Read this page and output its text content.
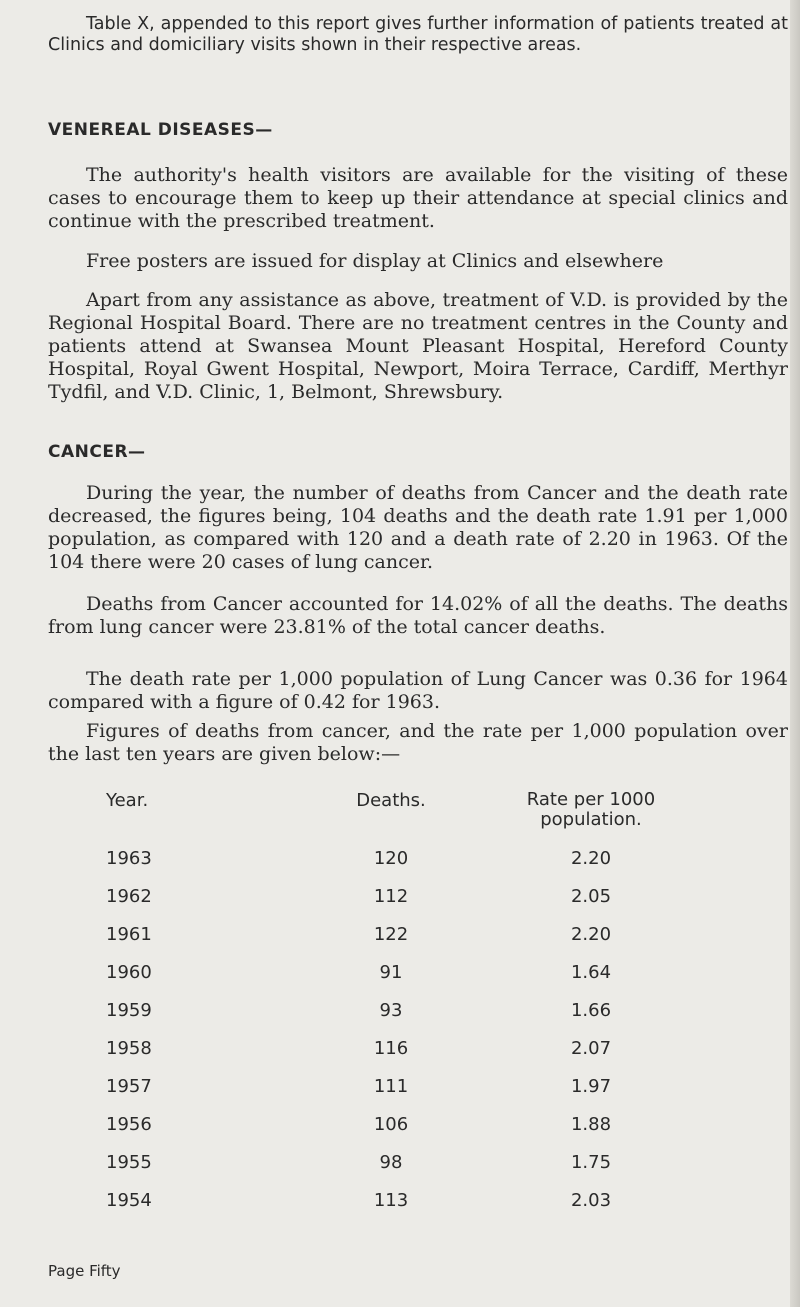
Table X, appended to this report gives further information of patients treated at Clinics and domiciliary visits shown in their respective areas.

VENEREAL DISEASES—

The authority's health visitors are available for the visiting of these cases to encourage them to keep up their attendance at special clinics and continue with the prescribed treatment.

Free posters are issued for display at Clinics and elsewhere

Apart from any assistance as above, treatment of V.D. is provided by the Regional Hospital Board. There are no treatment centres in the County and patients attend at Swansea Mount Pleasant Hospital, Hereford County Hospital, Royal Gwent Hospital, Newport, Moira Terrace, Cardiff, Merthyr Tydfil, and V.D. Clinic, 1, Belmont, Shrewsbury.

CANCER—

During the year, the number of deaths from Cancer and the death rate decreased, the figures being, 104 deaths and the death rate 1.91 per 1,000 population, as compared with 120 and a death rate of 2.20 in 1963. Of the 104 there were 20 cases of lung cancer.

Deaths from Cancer accounted for 14.02% of all the deaths. The deaths from lung cancer were 23.81% of the total cancer deaths.

The death rate per 1,000 population of Lung Cancer was 0.36 for 1964 compared with a figure of 0.42 for 1963.

Figures of deaths from cancer, and the rate per 1,000 population over the last ten years are given below:—

Year.	Deaths.	Rate per 1000
population.

1963	120	2.20
1962	112	2.05
1961	122	2.20
1960	91	1.64
1959	93	1.66
1958	116	2.07
1957	111	1.97
1956	106	1.88
1955	98	1.75
1954	113	2.03
Page Fifty
